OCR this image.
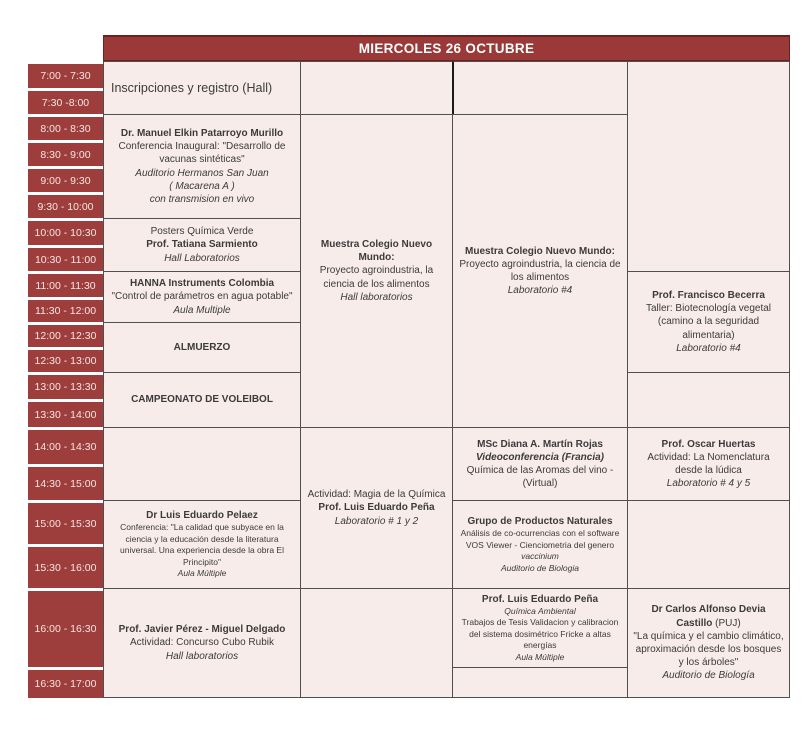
MIERCOLES 26 OCTUBRE
7:00 - 7:30
7:30 -8:00
8:00 - 8:30
8:30 - 9:00
9:00 - 9:30
9:30 - 10:00
10:00 - 10:30
10:30 - 11:00
11:00 - 11:30
11:30 - 12:00
12:00 - 12:30
12:30 - 13:00
13:00 - 13:30
13:30 - 14:00
14:00 - 14:30
14:30 - 15:00
15:00 - 15:30
15:30 - 16:00
16:00 - 16:30
16:30 - 17:00
Inscripciones y registro (Hall)
Dr. Manuel Elkin Patarroyo Murillo
Conferencia Inaugural: "Desarrollo de vacunas sintéticas"
Auditorio Hermanos San Juan
( Macarena A )
con transmision en vivo
Posters Química Verde
Prof. Tatiana Sarmiento
Hall Laboratorios
HANNA Instruments Colombia
"Control de parámetros en agua potable"
Aula Multiple
ALMUERZO
CAMPEONATO DE VOLEIBOL
Dr Luis Eduardo Pelaez
Conferencia: "La calidad que subyace en la ciencia y la educación desde la literatura universal. Una experiencia desde la obra El Principito"
Aula Múltiple
Prof. Javier Pérez - Miguel Delgado
Actividad: Concurso Cubo Rubik
Hall laboratorios
Muestra Colegio Nuevo Mundo:
Proyecto agroindustria, la ciencia de los alimentos
Hall laboratorios
Actividad: Magia de la Química
Prof. Luis Eduardo Peña
Laboratorio # 1 y 2
Muestra Colegio Nuevo Mundo:
Proyecto agroindustria, la ciencia de los alimentos
Laboratorio #4
MSc Diana A. Martín Rojas
Videoconferencia (Francia)
Química de las Aromas del vino - (Virtual)
Grupo de Productos Naturales
Análisis de co-ocurrencias con el software VOS Viewer - Cienciometria del genero vaccinium
Auditorio de Biologia
Prof. Luis Eduardo Peña
Química Ambiental
Trabajos de Tesis Validacion y calibracion del sistema dosimétrico Fricke a altas energías
Aula Múltiple
Prof. Francisco Becerra
Taller: Biotecnología vegetal (camino a la seguridad alimentaria)
Laboratorio #4
Prof. Oscar Huertas
Actividad: La Nomenclatura desde la lúdica
Laboratorio # 4 y 5
Dr Carlos Alfonso Devia Castillo (PUJ)
"La química y el cambio climático, aproximación desde los bosques y los árboles"
Auditorio de Biología
